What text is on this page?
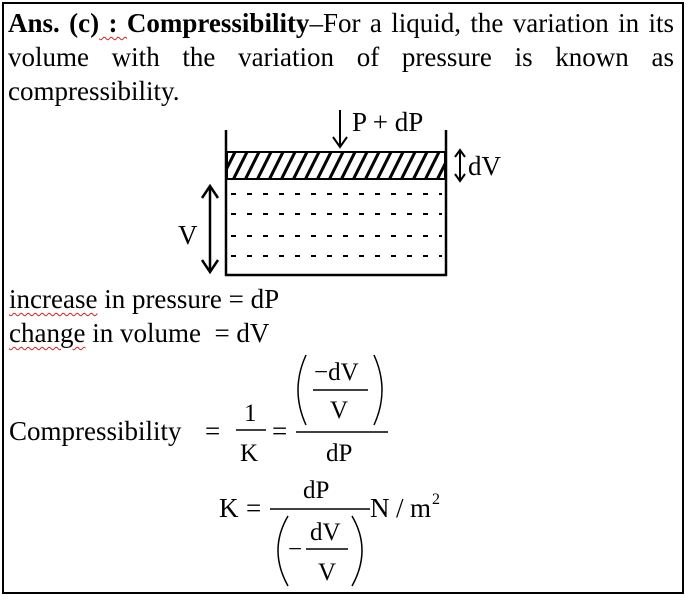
Ans. (c) : Compressibility–For a liquid, the variation in its volume with the variation of pressure is known as compressibility.
P + dP
dV
V
Compressibility =
1
K
=
−dV
V
dP
K =
dP
−
dV
V
N / m 2
increase in pressure = dP
change in volume  = dV
